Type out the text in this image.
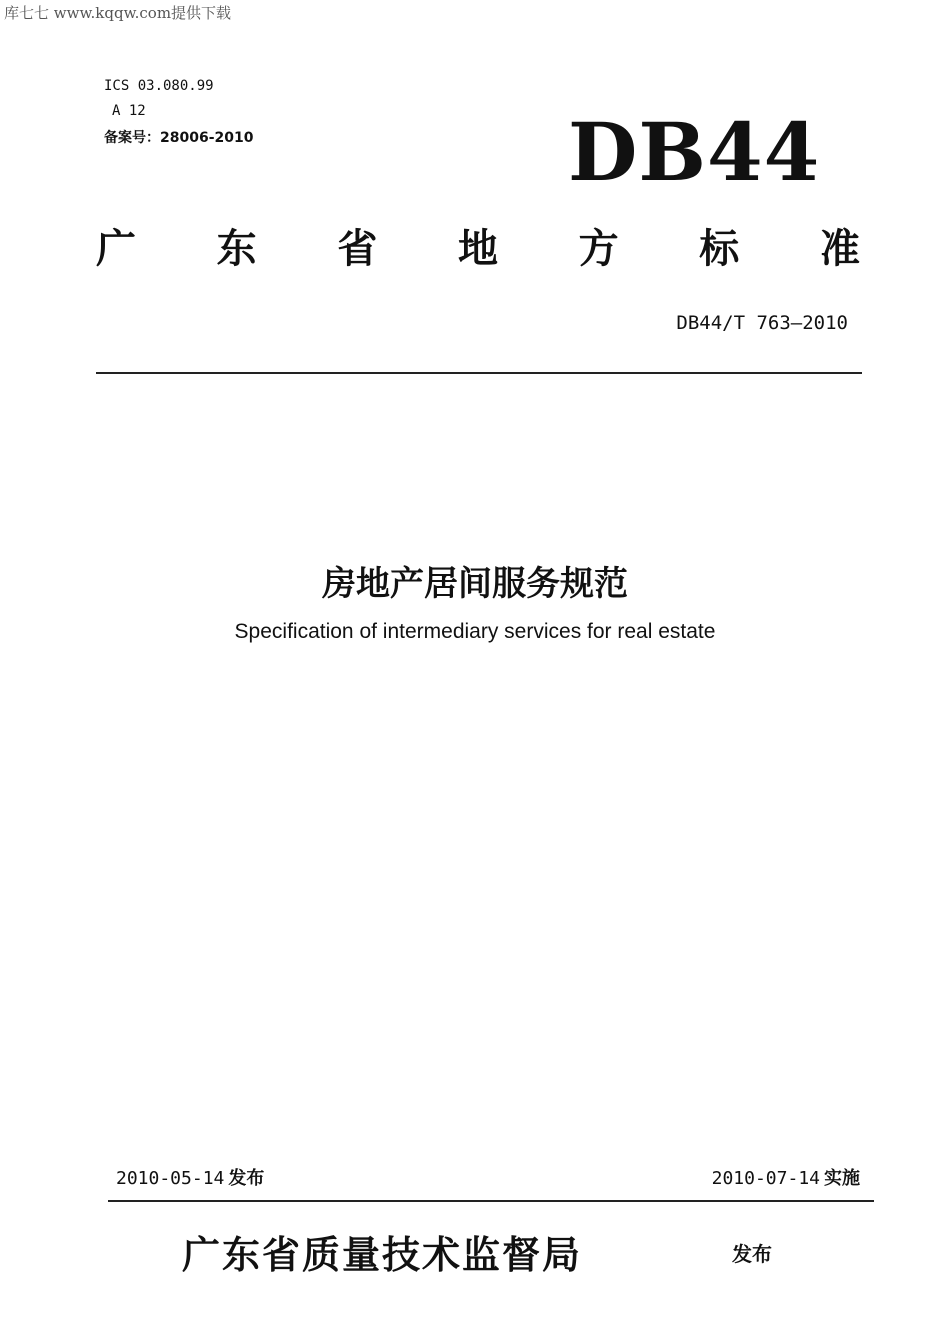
库七七 www.kqqw.com提供下载
ICS 03.080.99
A 12
备案号：28006-2010	DB44
广 东 省 地 方 标 准
DB44/T 763—2010
房地产居间服务规范
Specification of intermediary services for real estate
2010-05-14 发布	2010-07-14 实施
广东省质量技术监督局	发布
